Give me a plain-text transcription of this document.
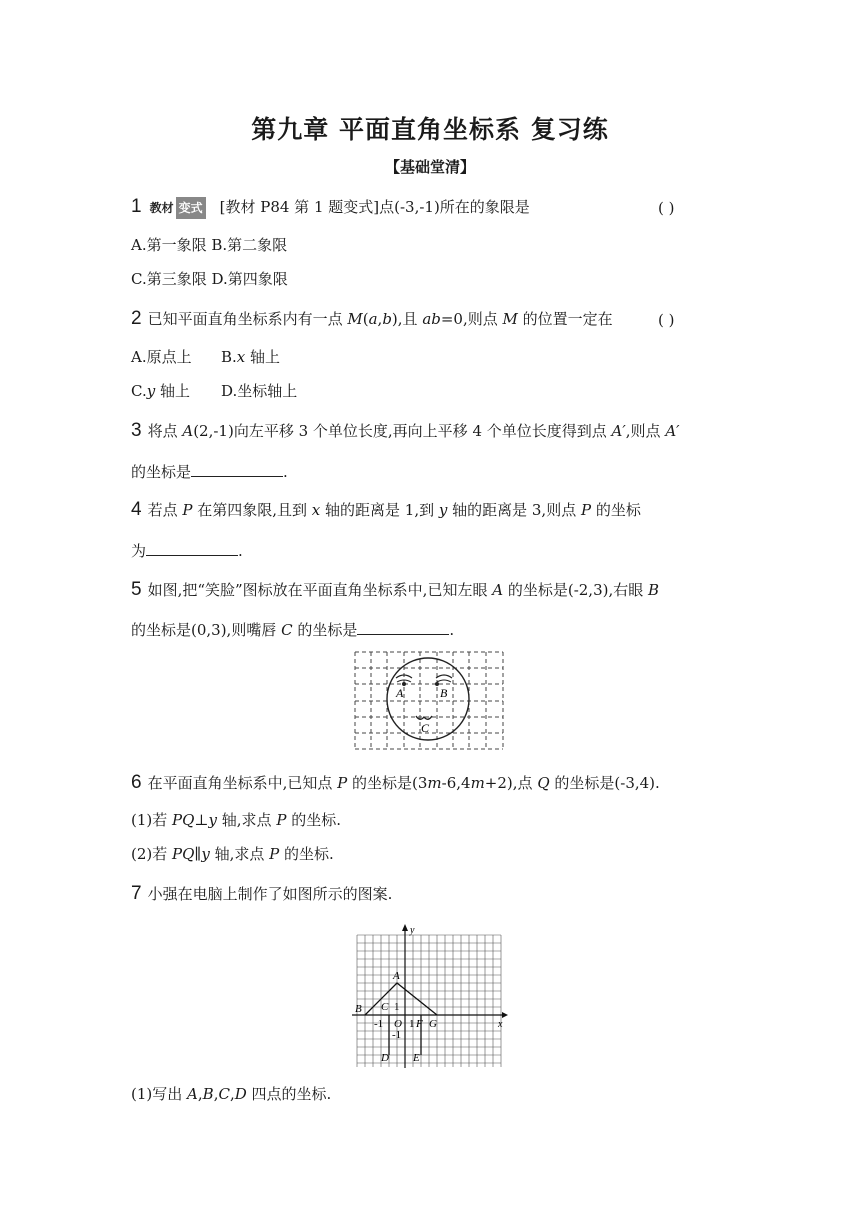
第九章 平面直角坐标系 复习练
【基础堂清】
1 教材 变式 [教材 P84 第 1 题变式]点(-3,-1)所在的象限是	( )
A.第一象限 B.第二象限
C.第三象限 D.第四象限
2 已知平面直角坐标系内有一点 M(a,b),且 ab=0,则点 M 的位置一定在	( )
A.原点上 B.x 轴上
C.y 轴上 D.坐标轴上
3 将点 A(2,-1)向左平移 3 个单位长度,再向上平移 4 个单位长度得到点 A′,则点 A′
的坐标是	.
4 若点 P 在第四象限,且到 x 轴的距离是 1,到 y 轴的距离是 3,则点 P 的坐标
为	.
5 如图,把“笑脸”图标放在平面直角坐标系中,已知左眼 A 的坐标是(-2,3),右眼 B
的坐标是(0,3),则嘴唇 C 的坐标是	.
A	B
C
6 在平面直角坐标系中,已知点 P 的坐标是(3m-6,4m+2),点 Q 的坐标是(-3,4).
(1)若 PQ⊥y 轴,求点 P 的坐标.
(2)若 PQ∥y 轴,求点 P 的坐标.
7 小强在电脑上制作了如图所示的图案.
y
x
A
B C 1
-1 O 1 F G
-1
D E
(1)写出 A,B,C,D 四点的坐标.
